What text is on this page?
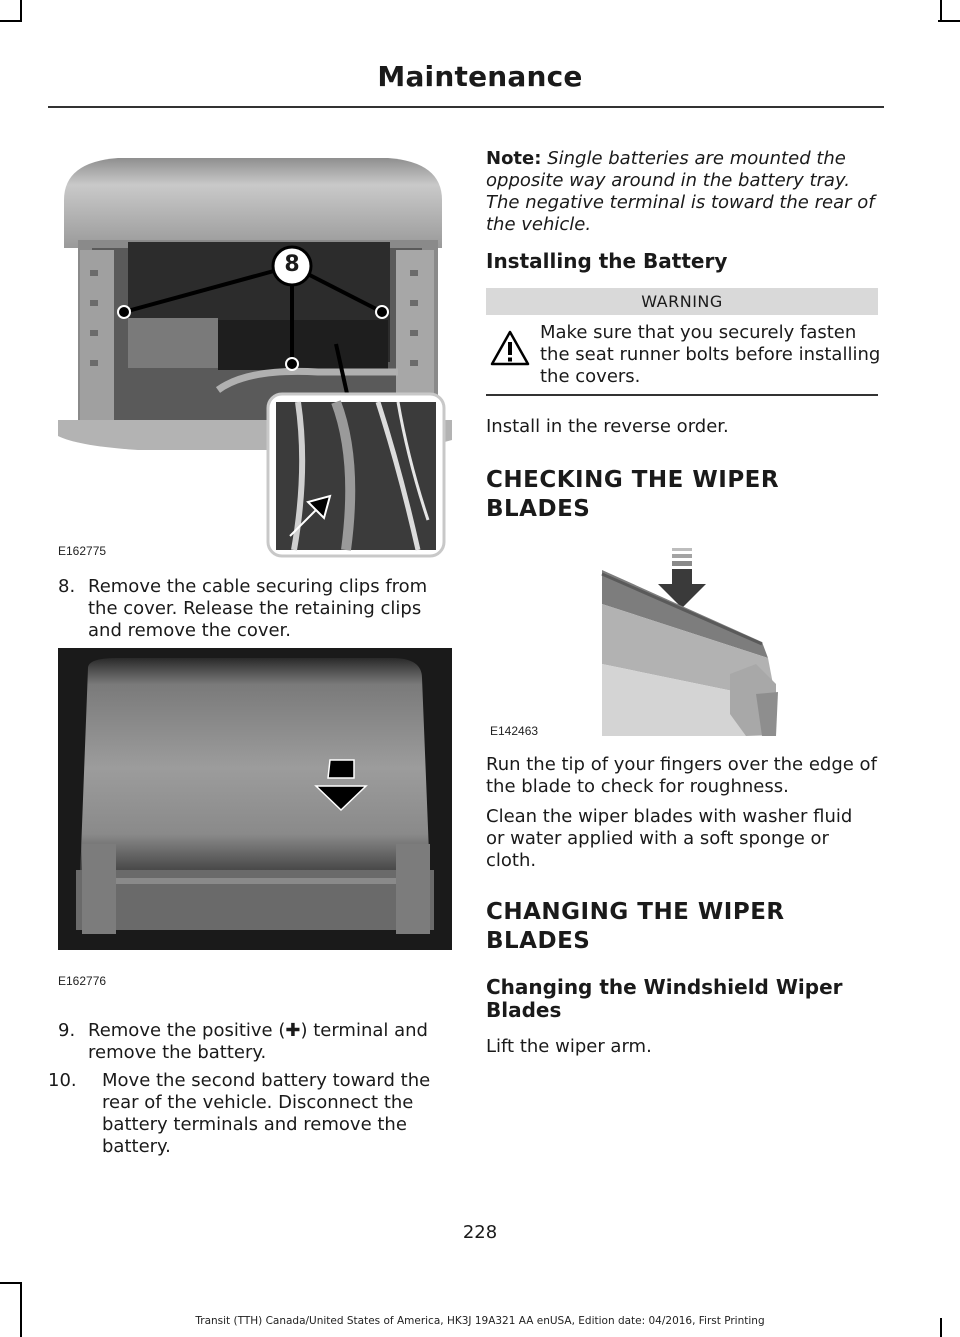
Maintenance
8
E162775
8. Remove the cable securing clips from the cover. Release the retaining clips and remove the cover.
E162776
9. Remove the positive (✚) terminal and remove the battery.
10. Move the second battery toward the rear of the vehicle. Disconnect the battery terminals and remove the battery.
Note: Single batteries are mounted the opposite way around in the battery tray. The negative terminal is toward the rear of the vehicle.
Installing the Battery
WARNING
Make sure that you securely fasten the seat runner bolts before installing the covers.
Install in the reverse order.
CHECKING THE WIPER
BLADES
E142463
Run the tip of your fingers over the edge of the blade to check for roughness.
Clean the wiper blades with washer fluid or water applied with a soft sponge or cloth.
CHANGING THE WIPER
BLADES
Changing the Windshield Wiper Blades
Lift the wiper arm.
228
Transit (TTH) Canada/United States of America, HK3J 19A321 AA enUSA, Edition date: 04/2016, First Printing
